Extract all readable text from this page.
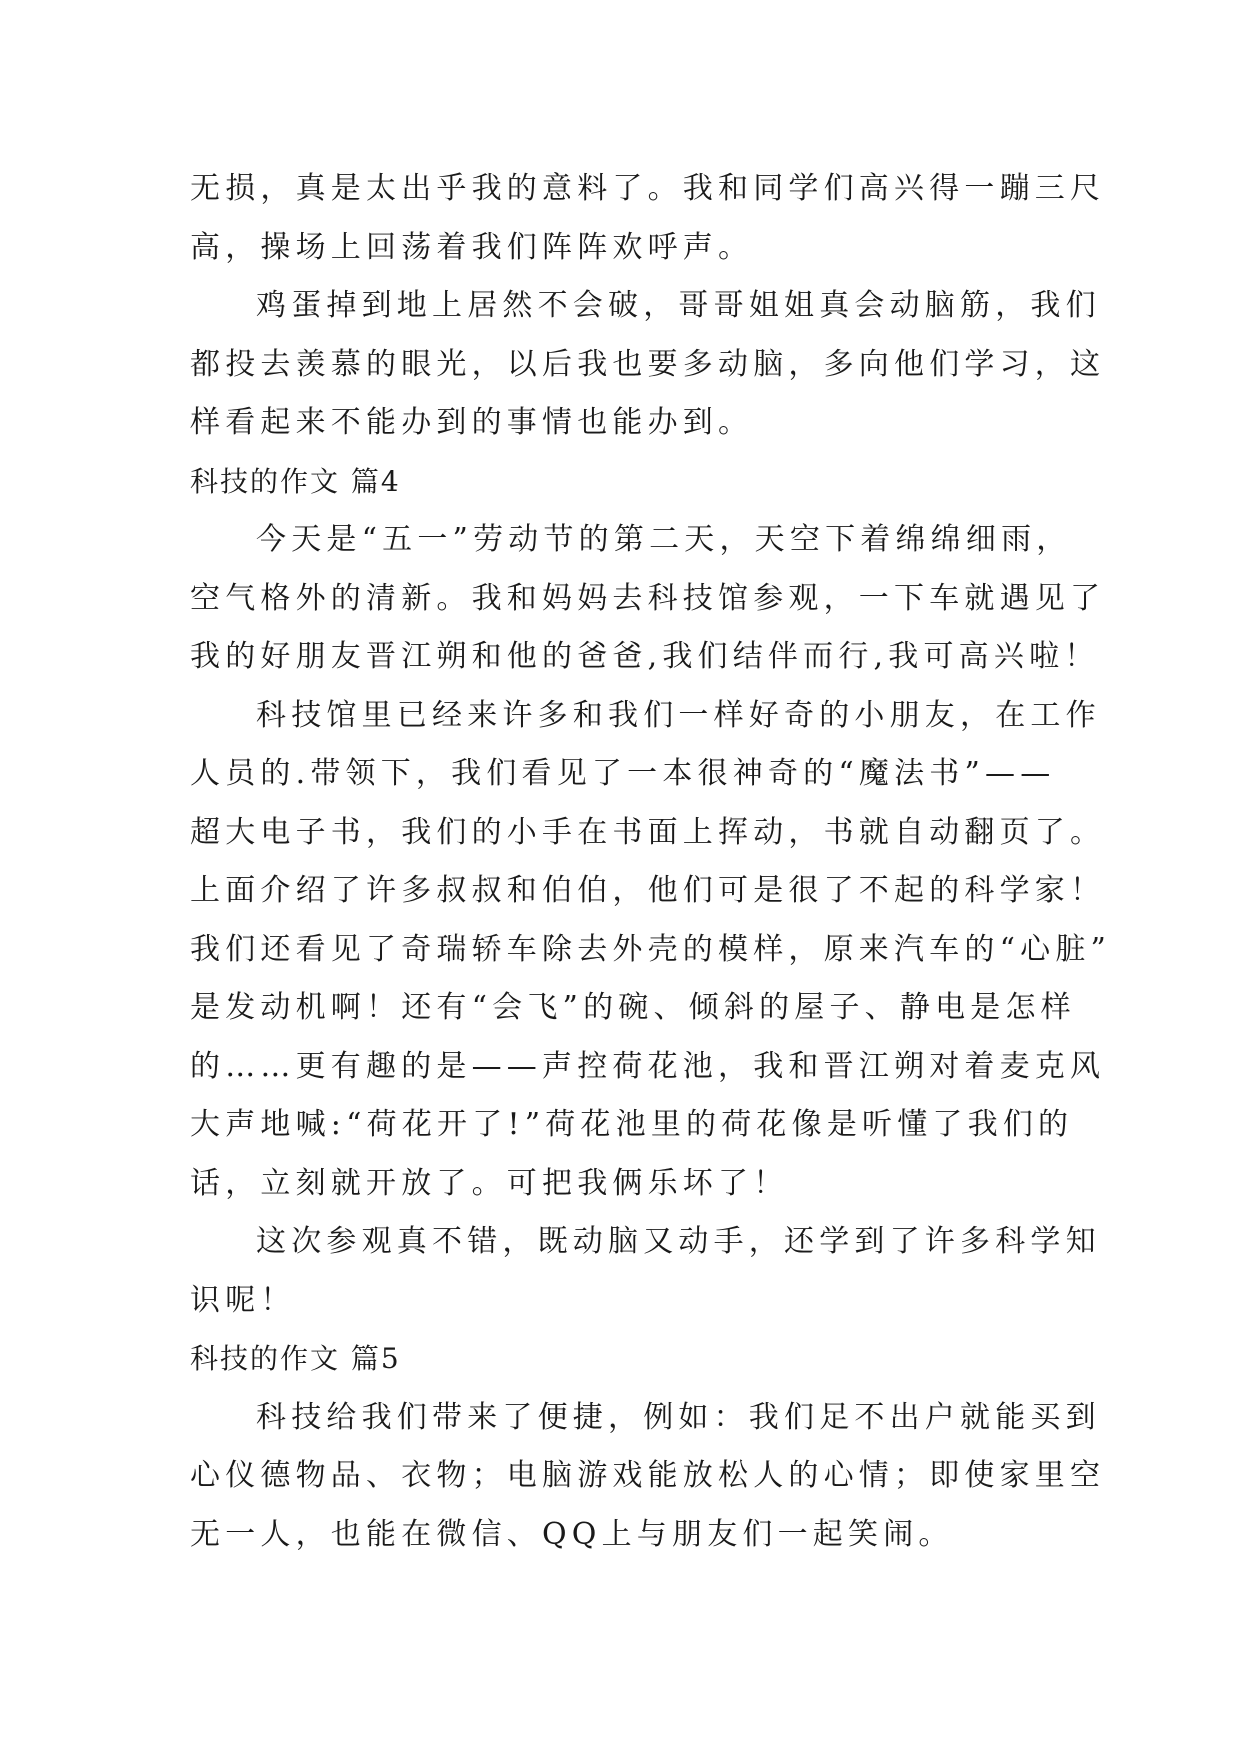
无损，真是太出乎我的意料了。我和同学们高兴得一蹦三尺
高，操场上回荡着我们阵阵欢呼声。
鸡蛋掉到地上居然不会破，哥哥姐姐真会动脑筋，我们
都投去羡慕的眼光，以后我也要多动脑，多向他们学习，这
样看起来不能办到的事情也能办到。
科技的作文 篇4
今天是“五一”劳动节的第二天，天空下着绵绵细雨，
空气格外的清新。我和妈妈去科技馆参观，一下车就遇见了
我的好朋友晋江朔和他的爸爸,我们结伴而行,我可高兴啦！
科技馆里已经来许多和我们一样好奇的小朋友，在工作
人员的.带领下，我们看见了一本很神奇的“魔法书”——
超大电子书，我们的小手在书面上挥动，书就自动翻页了。
上面介绍了许多叔叔和伯伯，他们可是很了不起的科学家！
我们还看见了奇瑞轿车除去外壳的模样，原来汽车的“心脏”
是发动机啊！还有“会飞”的碗、倾斜的屋子、静电是怎样
的……更有趣的是——声控荷花池，我和晋江朔对着麦克风
大声地喊:“荷花开了!”荷花池里的荷花像是听懂了我们的
话，立刻就开放了。可把我俩乐坏了！
这次参观真不错，既动脑又动手，还学到了许多科学知
识呢！
科技的作文 篇5
科技给我们带来了便捷，例如：我们足不出户就能买到
心仪德物品、衣物；电脑游戏能放松人的心情；即使家里空
无一人，也能在微信、QQ上与朋友们一起笑闹。
